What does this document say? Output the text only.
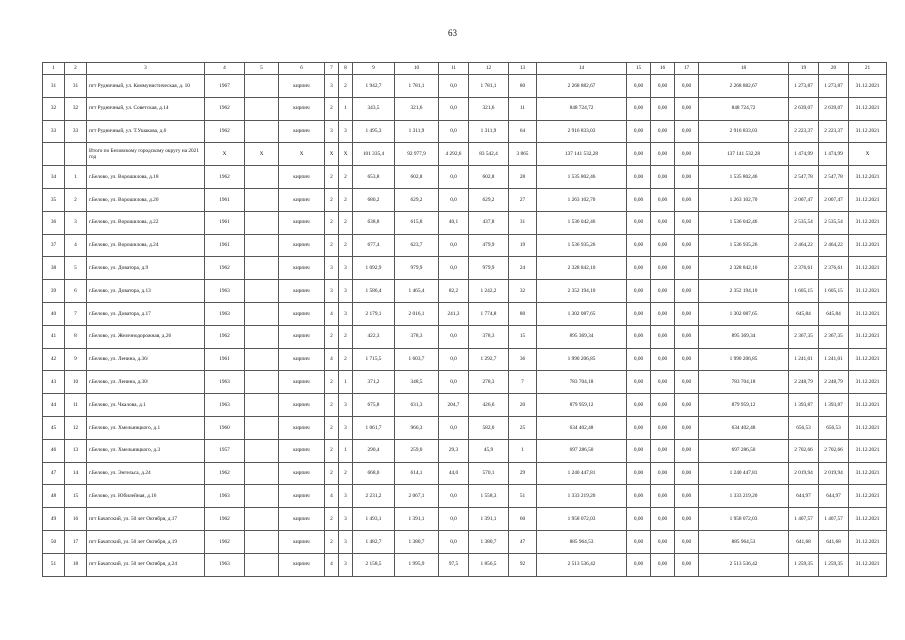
63
1	2	3	4	5	6	7	8	9	10	11	12	13	14	15	16	17	18	19	20	21
31	31	пгт Рудничный, ул. Коммунистическая, д. 10	1967		кирпич	3	2	1 942,7	1 781,1	0,0	1 781,1	80	2 268 882,67	0,00	0,00	0,00	2 268 882,67	1 273,87	1 273,87	31.12.2021
32	32	пгт Рудничный, ул. Советская, д.14	1962		кирпич	2	1	343,5	321,6	0,0	321,6	11	848 724,72	0,00	0,00	0,00	848 724,72	2 639,07	2 639,07	31.12.2021
33	33	пгт Рудничный, ул. Т.Ушакова, д.6	1962		кирпич	3	3	1 495,3	1 311,9	0,0	1 311,9	64	2 916 833,03	0,00	0,00	0,00	2 916 833,03	2 223,37	2 223,37	31.12.2021
		Итого по Беловскому городскому округу на 2021 год	X	X	X	X	X	101 335,4	92 977,9	4 292,6	83 542,4	3 865	137 141 532,28	0,00	0,00	0,00	137 141 532,28	1 474,99	1 474,99	X
34	1	г.Белово, ул. Ворошилова, д.18	1962		кирпич	2	2	653,8	602,8	0,0	602,8	28	1 535 802,46	0,00	0,00	0,00	1 535 802,46	2 547,78	2 547,78	31.12.2021
35	2	г.Белово, ул. Ворошилова, д.20	1961		кирпич	2	2	680,2	629,2	0,0	629,2	27	1 263 102,70	0,00	0,00	0,00	1 263 102,70	2 007,47	2 007,47	31.12.2021
36	3	г.Белово, ул. Ворошилова, д.22	1961		кирпич	2	2	638,8	615,8	40,1	437,8	31	1 536 042,46	0,00	0,00	0,00	1 536 042,46	2 535,54	2 535,54	31.12.2021
37	4	г.Белово, ул. Ворошилова, д.24	1961		кирпич	2	2	677,4	623,7	0,0	479,9	19	1 536 935,26	0,00	0,00	0,00	1 536 935,26	2 464,22	2 464,22	31.12.2021
38	5	г.Белово, ул. Доватора, д.9	1962		кирпич	3	3	1 092,9	979,9	0,0	979,9	24	2 328 842,10	0,00	0,00	0,00	2 328 842,10	2 376,61	2 376,61	31.12.2021
39	6	г.Белово, ул. Доватора, д.13	1963		кирпич	3	3	1 586,4	1 465,4	82,2	1 242,2	32	2 352 194,10	0,00	0,00	0,00	2 352 194,10	1 605,15	1 605,15	31.12.2021
40	7	г.Белово, ул. Доватора, д.17	1963		кирпич	4	3	2 179,1	2 016,1	241,3	1 774,8	80	1 302 087,65	0,00	0,00	0,00	1 302 087,65	645,84	645,84	31.12.2021
41	8	г.Белово, ул. Железнодорожная, д.26	1962		кирпич	2	2	422,3	378,3	0,0	378,3	15	895 369,34	0,00	0,00	0,00	895 369,34	2 367,35	2 367,35	31.12.2021
42	9	г.Белово, ул. Ленина, д.36/	1961		кирпич	4	2	1 715,5	1 603,7	0,0	1 292,7	36	1 990 206,85	0,00	0,00	0,00	1 990 206,85	1 241,01	1 241,01	31.12.2021
43	10	г.Белово, ул. Ленина, д.30/	1963		кирпич	2	1	371,2	348,5	0,0	278,3	7	783 704,18	0,00	0,00	0,00	783 704,18	2 248,79	2 248,79	31.12.2021
44	11	г.Белово, ул. Чкалова, д.1	1963		кирпич	2	3	675,8	631,3	204,7	426,6	20	879 959,12	0,00	0,00	0,00	879 959,12	1 393,87	1 393,87	31.12.2021
45	12	г.Белово, ул. Хмельницкого, д.1	1960		кирпич	2	3	1 061,7	966,3	0,0	582,0	25	634 402,48	0,00	0,00	0,00	634 402,48	656,53	656,53	31.12.2021
46	13	г.Белово, ул. Хмельницкого, д.3	1957		кирпич	2	1	290,4	259,0	29,3	45,9	1	697 286,50	0,00	0,00	0,00	697 286,50	2 702,66	2 702,66	31.12.2021
47	14	г.Белово, ул. Энгельса, д.24	1962		кирпич	2	2	668,0	614,1	44,0	570,1	29	1 240 447,81	0,00	0,00	0,00	1 240 447,81	2 019,94	2 019,94	31.12.2021
48	15	г.Белово, ул. Юбилейная, д.16	1963		кирпич	4	3	2 231,2	2 067,1	0,0	1 558,3	51	1 333 219,20	0,00	0,00	0,00	1 333 219,20	644,97	644,97	31.12.2021
49	16	пгт Бачатский, ул. 50 лет Октября, д.17	1962		кирпич	2	3	1 493,1	1 391,1	0,0	1 391,1	60	1 958 072,03	0,00	0,00	0,00	1 958 072,03	1 407,57	1 407,57	31.12.2021
50	17	пгт Бачатский, ул. 50 лет Октября, д.19	1962		кирпич	2	3	1 482,7	1 380,7	0,0	1 380,7	47	885 964,53	0,00	0,00	0,00	885 964,53	641,68	641,68	31.12.2021
51	18	пгт Бачатский, ул. 50 лет Октября, д.24	1963		кирпич	4	3	2 158,5	1 995,9	97,5	1 856,5	92	2 513 536,42	0,00	0,00	0,00	2 513 536,42	1 259,35	1 259,35	31.12.2021
